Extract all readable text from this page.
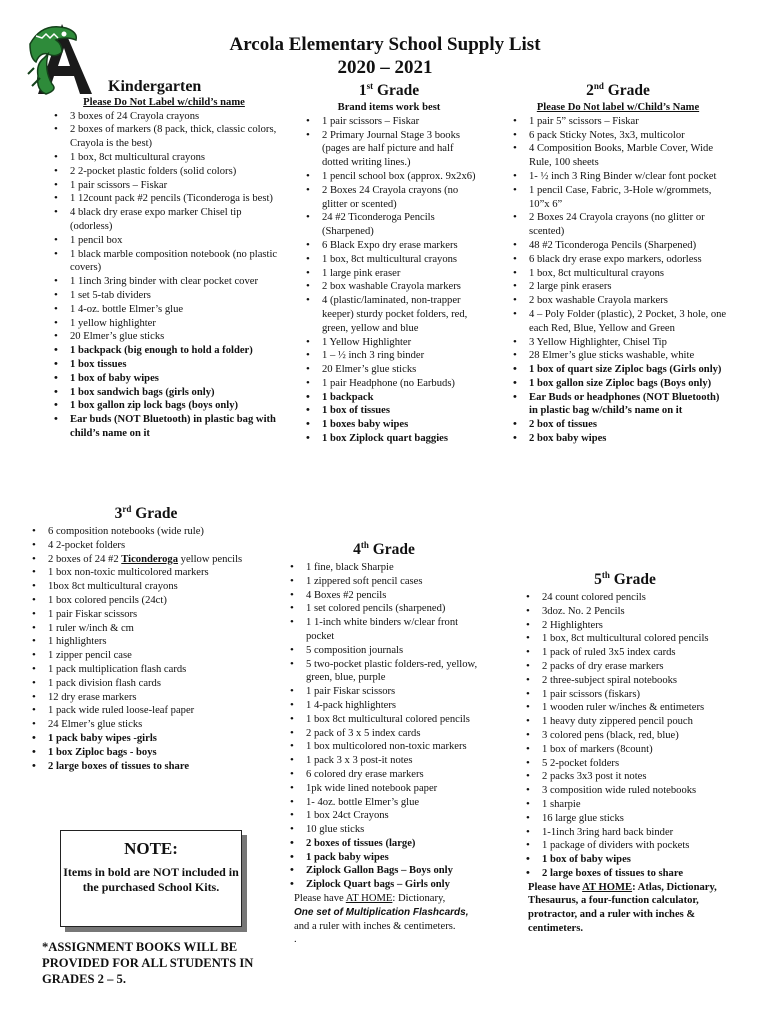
Arcola Elementary School Supply List
2020 – 2021
Kindergarten
Please Do Not Label w/child’s name
• 3 boxes of 24 Crayola crayons
• 2 boxes of markers (8 pack, thick, classic colors, Crayola is the best)
• 1 box, 8ct multicultural crayons
• 2 2-pocket plastic folders (solid colors)
• 1 pair scissors – Fiskar
• 1 12count pack #2 pencils (Ticonderoga is best)
• 4 black dry erase expo marker Chisel tip (odorless)
• 1 pencil box
• 1 black marble composition notebook (no plastic covers)
• 1 1inch 3ring binder with clear pocket cover
• 1 set 5-tab dividers
• 1 4-oz. bottle Elmer’s glue
• 1 yellow highlighter
• 20 Elmer’s glue sticks
• 1 backpack (big enough to hold a folder)
• 1 box tissues
• 1 box of baby wipes
• 1 box sandwich bags (girls only)
• 1 box gallon zip lock bags (boys only)
• Ear buds (NOT Bluetooth) in plastic bag with child’s name on it
1st Grade
Brand items work best
• 1 pair scissors – Fiskar
• 2 Primary Journal Stage 3 books (pages are half picture and half dotted writing lines.)
• 1 pencil school box (approx. 9x2x6)
• 2 Boxes 24 Crayola crayons (no glitter or scented)
• 24 #2 Ticonderoga Pencils (Sharpened)
• 6 Black Expo dry erase markers
• 1 box, 8ct multicultural crayons
• 1 large pink eraser
• 2 box washable Crayola markers
• 4 (plastic/laminated, non-trapper keeper) sturdy pocket folders, red, green, yellow and blue
• 1 Yellow Highlighter
• 1 – ½ inch 3 ring binder
• 20 Elmer’s glue sticks
• 1 pair Headphone (no Earbuds)
• 1 backpack
• 1 box of tissues
• 1 boxes baby wipes
• 1 box Ziplock quart baggies
2nd Grade
Please Do Not label w/Child’s Name
• 1 pair 5” scissors – Fiskar
• 6 pack Sticky Notes, 3x3, multicolor
• 4 Composition Books, Marble Cover, Wide Rule, 100 sheets
• 1- ½ inch 3 Ring Binder w/clear font pocket
• 1 pencil Case, Fabric, 3-Hole w/grommets, 10”x 6”
• 2 Boxes 24 Crayola crayons (no glitter or scented)
• 48 #2 Ticonderoga Pencils (Sharpened)
• 6 black dry erase expo markers, odorless
• 1 box, 8ct multicultural crayons
• 2 large pink erasers
• 2 box washable Crayola markers
• 4 – Poly Folder (plastic), 2 Pocket, 3 hole, one each Red, Blue, Yellow and Green
• 3 Yellow Highlighter, Chisel Tip
• 28 Elmer’s glue sticks washable, white
• 1 box of quart size Ziploc bags (Girls only)
• 1 box gallon size Ziploc bags (Boys only)
• Ear Buds or headphones (NOT Bluetooth) in plastic bag w/child’s name on it
• 2 box of tissues
• 2 box baby wipes
3rd Grade
• 6 composition notebooks (wide rule)
• 4 2-pocket folders
• 2 boxes of 24 #2 Ticonderoga yellow pencils
• 1 box non-toxic multicolored markers
• 1box 8ct multicultural crayons
• 1 box colored pencils (24ct)
• 1 pair Fiskar scissors
• 1 ruler w/inch & cm
• 1 highlighters
• 1 zipper pencil case
• 1 pack multiplication flash cards
• 1 pack division flash cards
• 12 dry erase markers
• 1 pack wide ruled loose-leaf paper
• 24 Elmer’s glue sticks
• 1 pack baby wipes -girls
• 1 box Ziploc bags - boys
• 2 large boxes of tissues to share
4th Grade
• 1 fine, black Sharpie
• 1 zippered soft pencil cases
• 4 Boxes #2 pencils
• 1 set colored pencils (sharpened)
• 1 1-inch white binders w/clear front pocket
• 5 composition journals
• 5 two-pocket plastic folders-red, yellow, green, blue, purple
• 1 pair Fiskar scissors
• 1 4-pack highlighters
• 1 box 8ct multicultural colored pencils
• 2 pack of 3 x 5 index cards
• 1 box multicolored non-toxic markers
• 1 pack 3 x 3 post-it notes
• 6 colored dry erase markers
• 1pk wide lined notebook paper
• 1- 4oz. bottle Elmer’s glue
• 1 box 24ct Crayons
• 10 glue sticks
• 2 boxes of tissues (large)
• 1 pack baby wipes
• Ziplock Gallon Bags – Boys only
• Ziplock Quart bags – Girls only
Please have AT HOME: Dictionary,
One set of Multiplication Flashcards,
and a ruler with inches & centimeters.
.
5th Grade
• 24 count colored pencils
• 3doz. No. 2 Pencils
• 2 Highlighters
• 1 box, 8ct multicultural colored pencils
• 1 pack of ruled 3x5 index cards
• 2 packs of dry erase markers
• 2 three-subject spiral notebooks
• 1 pair scissors (fiskars)
• 1 wooden ruler w/inches & entimeters
• 1 heavy duty zippered pencil pouch
• 3 colored pens (black, red, blue)
• 1 box of markers (8count)
• 5 2-pocket folders
• 2 packs 3x3 post it notes
• 3 composition wide ruled notebooks
• 1 sharpie
• 16 large glue sticks
• 1-1inch 3ring hard back binder
• 1 package of dividers with pockets
• 1 box of baby wipes
• 2 large boxes of tissues to share
Please have AT HOME: Atlas, Dictionary, Thesaurus, a four-function calculator, protractor, and a ruler with inches & centimeters.
NOTE:
Items in bold are NOT included in the purchased School Kits.
*ASSIGNMENT BOOKS WILL BE PROVIDED FOR ALL STUDENTS IN GRADES 2 – 5.
